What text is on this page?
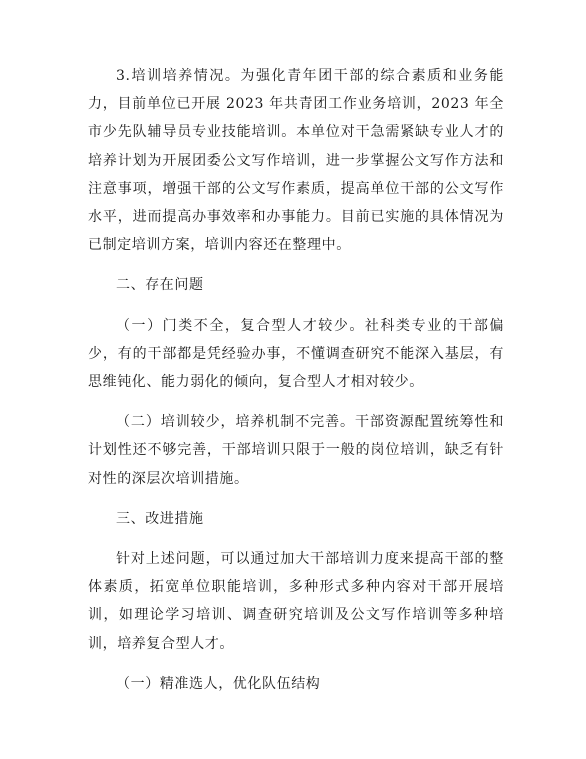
3.培训培养情况。为强化青年团干部的综合素质和业务能力，目前单位已开展 2023 年共青团工作业务培训，2023 年全市少先队辅导员专业技能培训。本单位对干急需紧缺专业人才的培养计划为开展团委公文写作培训，进一步掌握公文写作方法和注意事项，增强干部的公文写作素质，提高单位干部的公文写作水平，进而提高办事效率和办事能力。目前已实施的具体情况为已制定培训方案，培训内容还在整理中。

二、存在问题

（一）门类不全，复合型人才较少。社科类专业的干部偏少，有的干部都是凭经验办事，不懂调查研究不能深入基层，有思维钝化、能力弱化的倾向，复合型人才相对较少。

（二）培训较少，培养机制不完善。干部资源配置统筹性和计划性还不够完善，干部培训只限于一般的岗位培训，缺乏有针对性的深层次培训措施。

三、改进措施

针对上述问题，可以通过加大干部培训力度来提高干部的整体素质，拓宽单位职能培训，多种形式多种内容对干部开展培训，如理论学习培训、调查研究培训及公文写作培训等多种培训，培养复合型人才。

（一）精准选人，优化队伍结构
